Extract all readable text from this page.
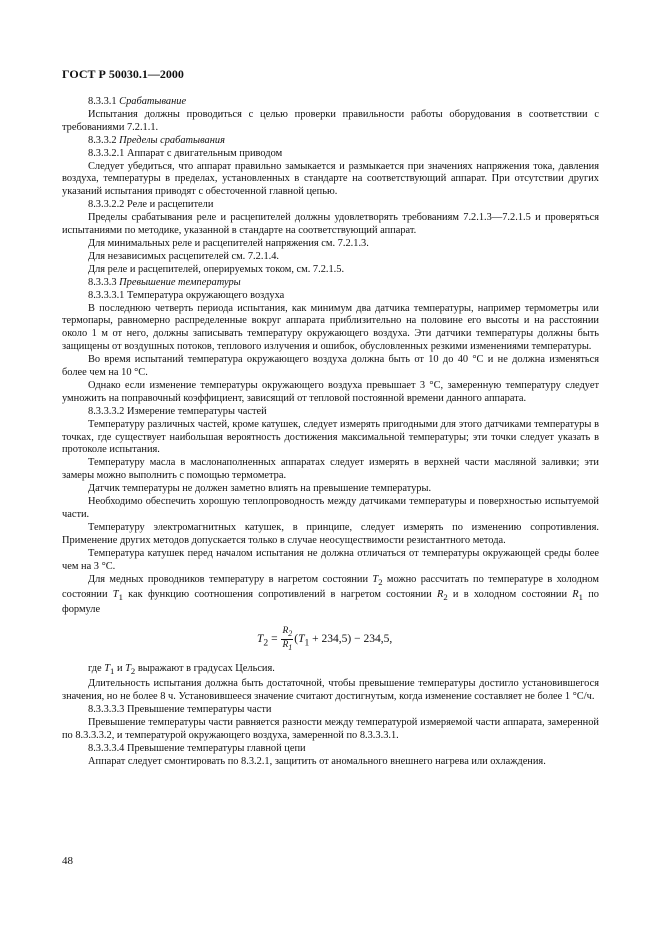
ГОСТ Р 50030.1—2000

8.3.3.1 Срабатывание

Испытания должны проводиться с целью проверки правильности работы оборудования в соответствии с требованиями 7.2.1.1.

8.3.3.2 Пределы срабатывания

8.3.3.2.1 Аппарат с двигательным приводом

Следует убедиться, что аппарат правильно замыкается и размыкается при значениях напряжения тока, давления воздуха, температуры в пределах, установленных в стандарте на соответствующий аппарат. При отсутствии других указаний испытания приводят с обесточенной главной цепью.

8.3.3.2.2 Реле и расцепители

Пределы срабатывания реле и расцепителей должны удовлетворять требованиям 7.2.1.3—7.2.1.5 и проверяться испытаниями по методике, указанной в стандарте на соответствующий аппарат.

Для минимальных реле и расцепителей напряжения см. 7.2.1.3.

Для независимых расцепителей см. 7.2.1.4.

Для реле и расцепителей, оперируемых током, см. 7.2.1.5.

8.3.3.3 Превышение температуры

8.3.3.3.1 Температура окружающего воздуха

В последнюю четверть периода испытания, как минимум два датчика температуры, например термометры или термопары, равномерно распределенные вокруг аппарата приблизительно на половине его высоты и на расстоянии около 1 м от него, должны записывать температуру окружающего воздуха. Эти датчики температуры должны быть защищены от воздушных потоков, теплового излучения и ошибок, обусловленных резкими изменениями температуры.

Во время испытаний температура окружающего воздуха должна быть от 10 до 40 °С и не должна изменяться более чем на 10 °С.

Однако если изменение температуры окружающего воздуха превышает 3 °С, замеренную температуру следует умножить на поправочный коэффициент, зависящий от тепловой постоянной времени данного аппарата.

8.3.3.3.2 Измерение температуры частей

Температуру различных частей, кроме катушек, следует измерять пригодными для этого датчиками температуры в точках, где существует наибольшая вероятность достижения максимальной температуры; эти точки следует указать в протоколе испытания.

Температуру масла в маслонаполненных аппаратах следует измерять в верхней части масляной заливки; эти замеры можно выполнить с помощью термометра.

Датчик температуры не должен заметно влиять на превышение температуры.

Необходимо обеспечить хорошую теплопроводность между датчиками температуры и поверхностью испытуемой части.

Температуру электромагнитных катушек, в принципе, следует измерять по изменению сопротивления. Применение других методов допускается только в случае неосуществимости резистантного метода.

Температура катушек перед началом испытания не должна отличаться от температуры окружающей среды более чем на 3 °С.

Для медных проводников температуру в нагретом состоянии $T_2$ можно рассчитать по температуре в холодном состоянии $T_1$ как функцию соотношения сопротивлений в нагретом состоянии $R_2$ и в холодном состоянии $R_1$ по формуле

$T_2 = \frac{R_2}{R_1} (T_1 + 234,5) - 234,5$,

где $T_1$ и $T_2$ выражают в градусах Цельсия.

Длительность испытания должна быть достаточной, чтобы превышение температуры достигло установившегося значения, но не более 8 ч. Установившееся значение считают достигнутым, когда изменение составляет не более 1 °С/ч.

8.3.3.3.3 Превышение температуры части

Превышение температуры части равняется разности между температурой измеряемой части аппарата, замеренной по 8.3.3.3.2, и температурой окружающего воздуха, замеренной по 8.3.3.3.1.

8.3.3.3.4 Превышение температуры главной цепи

Аппарат следует смонтировать по 8.3.2.1, защитить от аномального внешнего нагрева или охлаждения.

48
